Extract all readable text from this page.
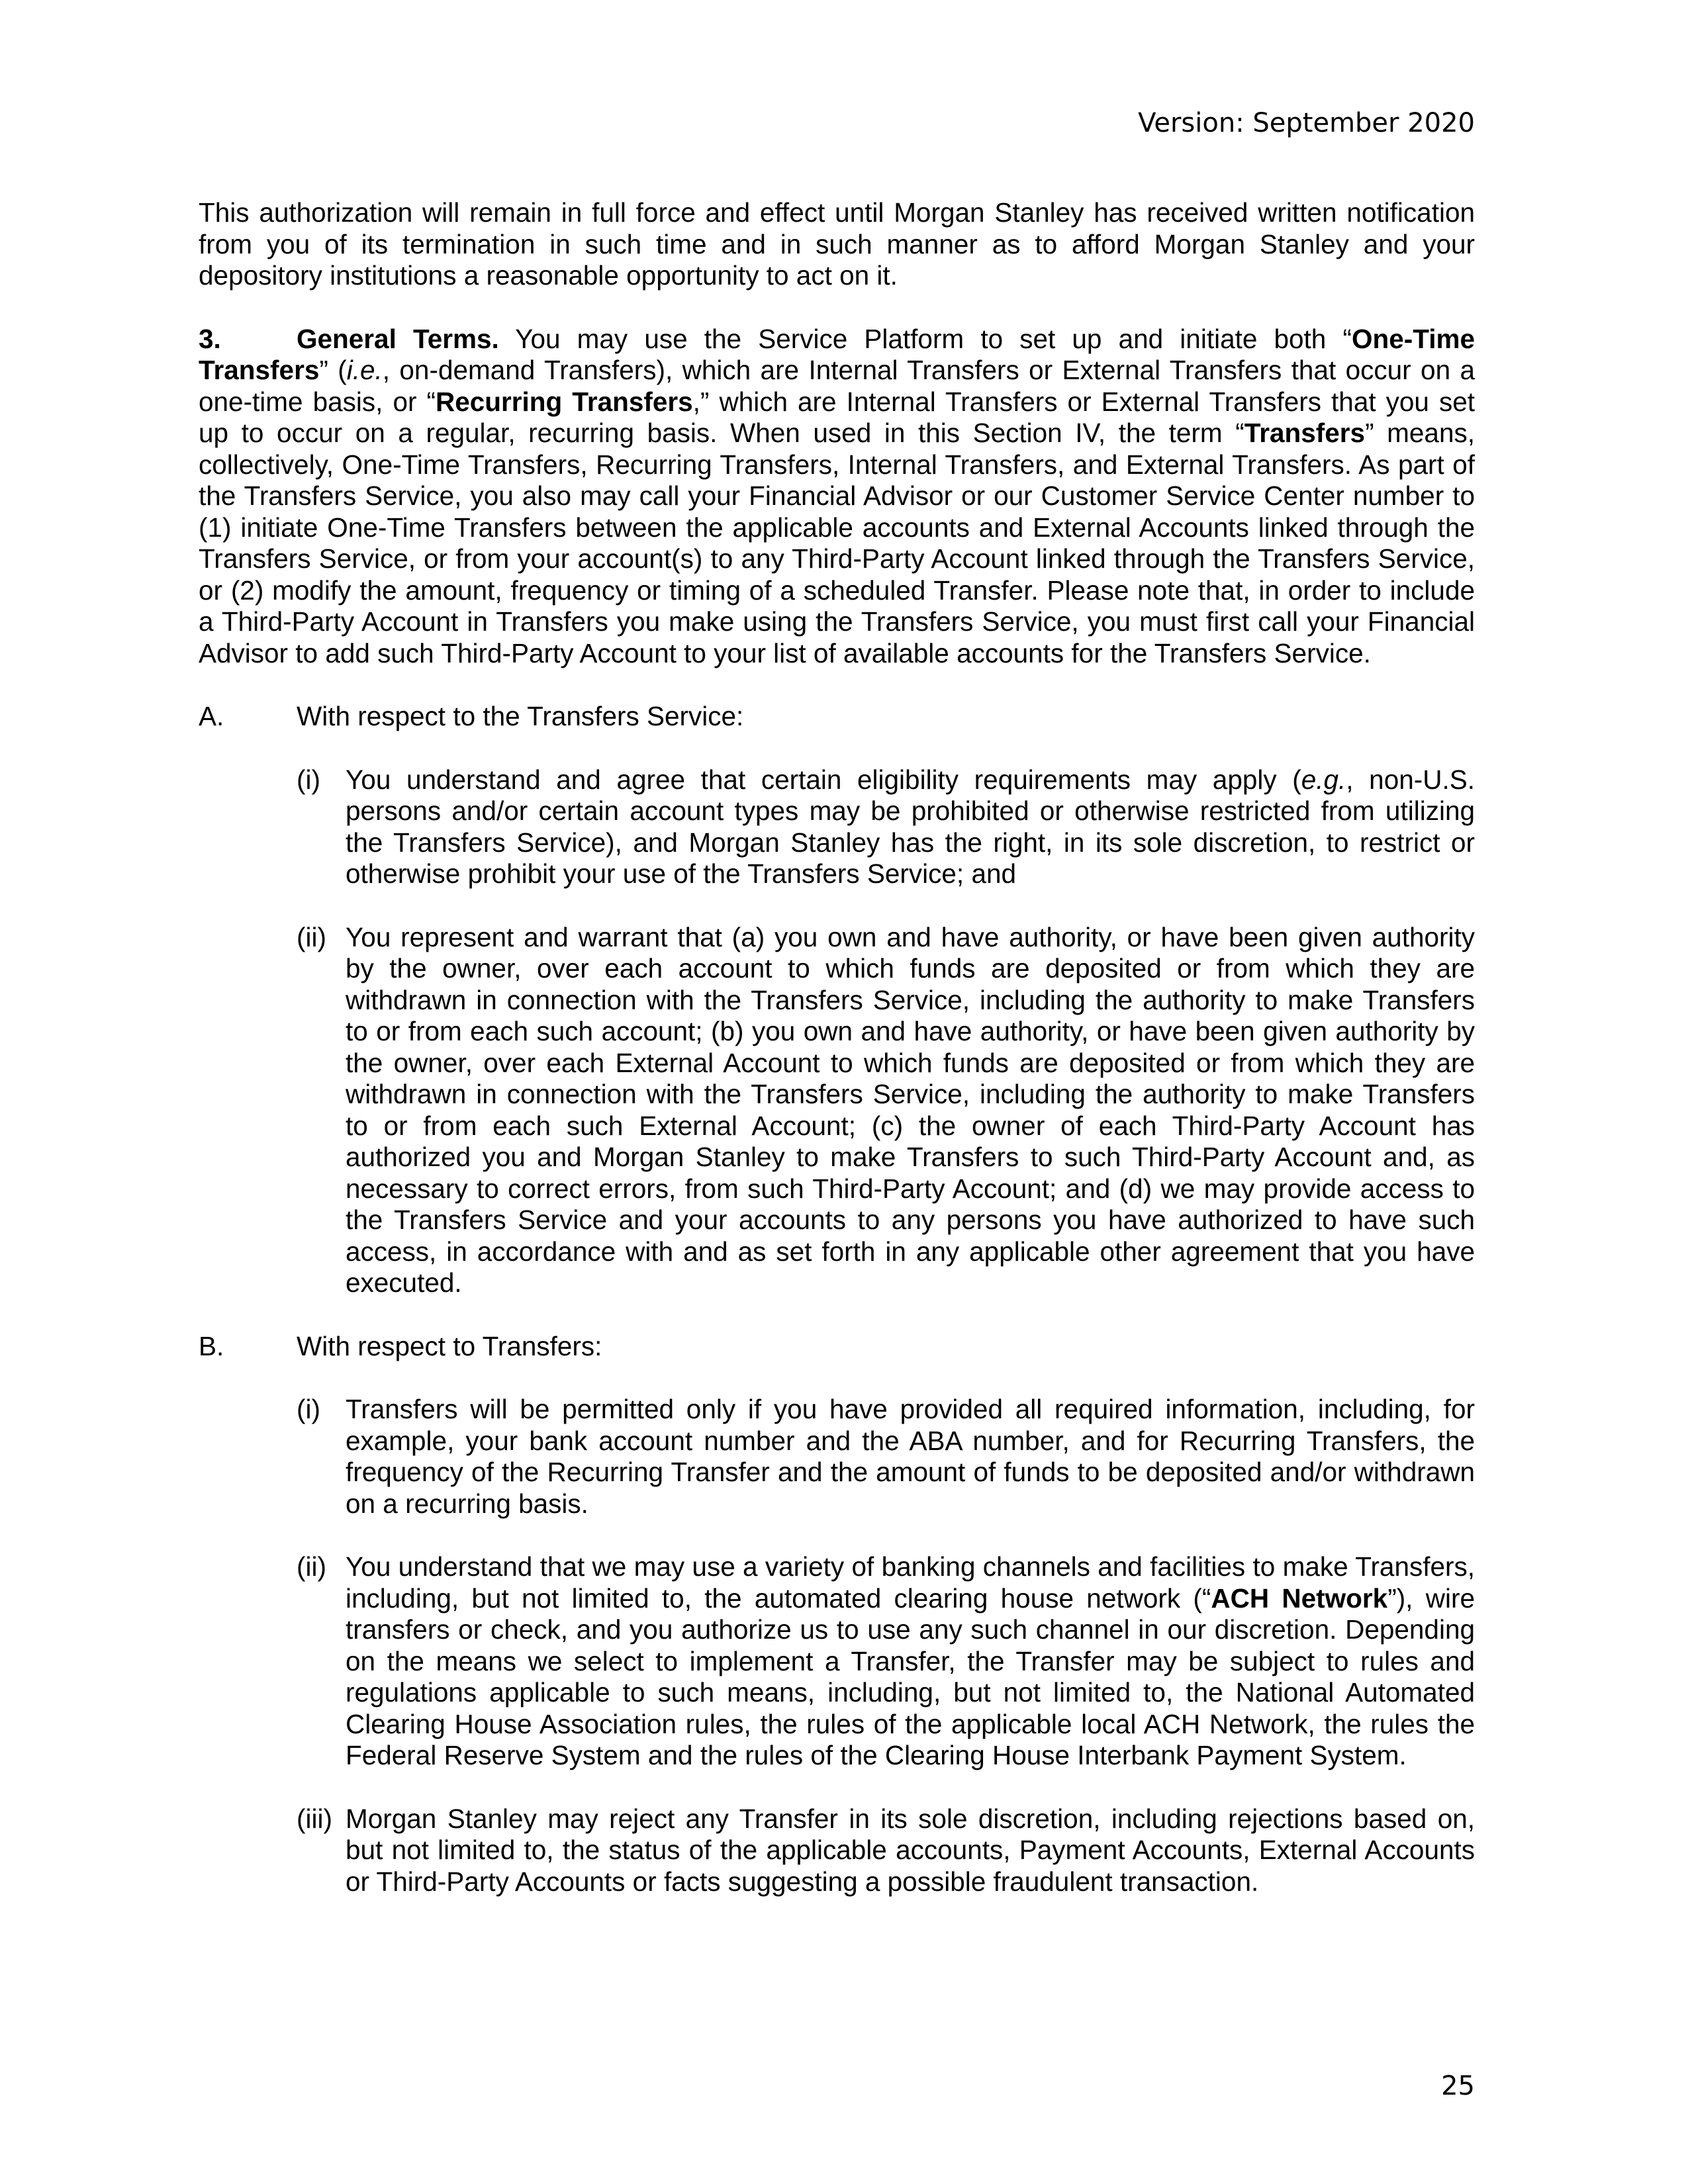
Version: September 2020

This authorization will remain in full force and effect until Morgan Stanley has received written notification from you of its termination in such time and in such manner as to afford Morgan Stanley and your depository institutions a reasonable opportunity to act on it.

3.	General Terms. You may use the Service Platform to set up and initiate both “One-Time Transfers” (i.e., on-demand Transfers), which are Internal Transfers or External Transfers that occur on a one-time basis, or “Recurring Transfers,” which are Internal Transfers or External Transfers that you set up to occur on a regular, recurring basis. When used in this Section IV, the term “Transfers” means, collectively, One-Time Transfers, Recurring Transfers, Internal Transfers, and External Transfers. As part of the Transfers Service, you also may call your Financial Advisor or our Customer Service Center number to (1) initiate One-Time Transfers between the applicable accounts and External Accounts linked through the Transfers Service, or from your account(s) to any Third-Party Account linked through the Transfers Service, or (2) modify the amount, frequency or timing of a scheduled Transfer. Please note that, in order to include a Third-Party Account in Transfers you make using the Transfers Service, you must first call your Financial Advisor to add such Third-Party Account to your list of available accounts for the Transfers Service.

A.	With respect to the Transfers Service:
(i) You understand and agree that certain eligibility requirements may apply (e.g., non-U.S. persons and/or certain account types may be prohibited or otherwise restricted from utilizing the Transfers Service), and Morgan Stanley has the right, in its sole discretion, to restrict or otherwise prohibit your use of the Transfers Service; and
(ii) You represent and warrant that (a) you own and have authority, or have been given authority by the owner, over each account to which funds are deposited or from which they are withdrawn in connection with the Transfers Service, including the authority to make Transfers to or from each such account; (b) you own and have authority, or have been given authority by the owner, over each External Account to which funds are deposited or from which they are withdrawn in connection with the Transfers Service, including the authority to make Transfers to or from each such External Account; (c) the owner of each Third-Party Account has authorized you and Morgan Stanley to make Transfers to such Third-Party Account and, as necessary to correct errors, from such Third-Party Account; and (d) we may provide access to the Transfers Service and your accounts to any persons you have authorized to have such access, in accordance with and as set forth in any applicable other agreement that you have executed.
B.	With respect to Transfers:
(i) Transfers will be permitted only if you have provided all required information, including, for example, your bank account number and the ABA number, and for Recurring Transfers, the frequency of the Recurring Transfer and the amount of funds to be deposited and/or withdrawn on a recurring basis.
(ii) You understand that we may use a variety of banking channels and facilities to make Transfers, including, but not limited to, the automated clearing house network (“ACH Network”), wire transfers or check, and you authorize us to use any such channel in our discretion. Depending on the means we select to implement a Transfer, the Transfer may be subject to rules and regulations applicable to such means, including, but not limited to, the National Automated Clearing House Association rules, the rules of the applicable local ACH Network, the rules the Federal Reserve System and the rules of the Clearing House Interbank Payment System.
(iii) Morgan Stanley may reject any Transfer in its sole discretion, including rejections based on, but not limited to, the status of the applicable accounts, Payment Accounts, External Accounts or Third-Party Accounts or facts suggesting a possible fraudulent transaction.
25
